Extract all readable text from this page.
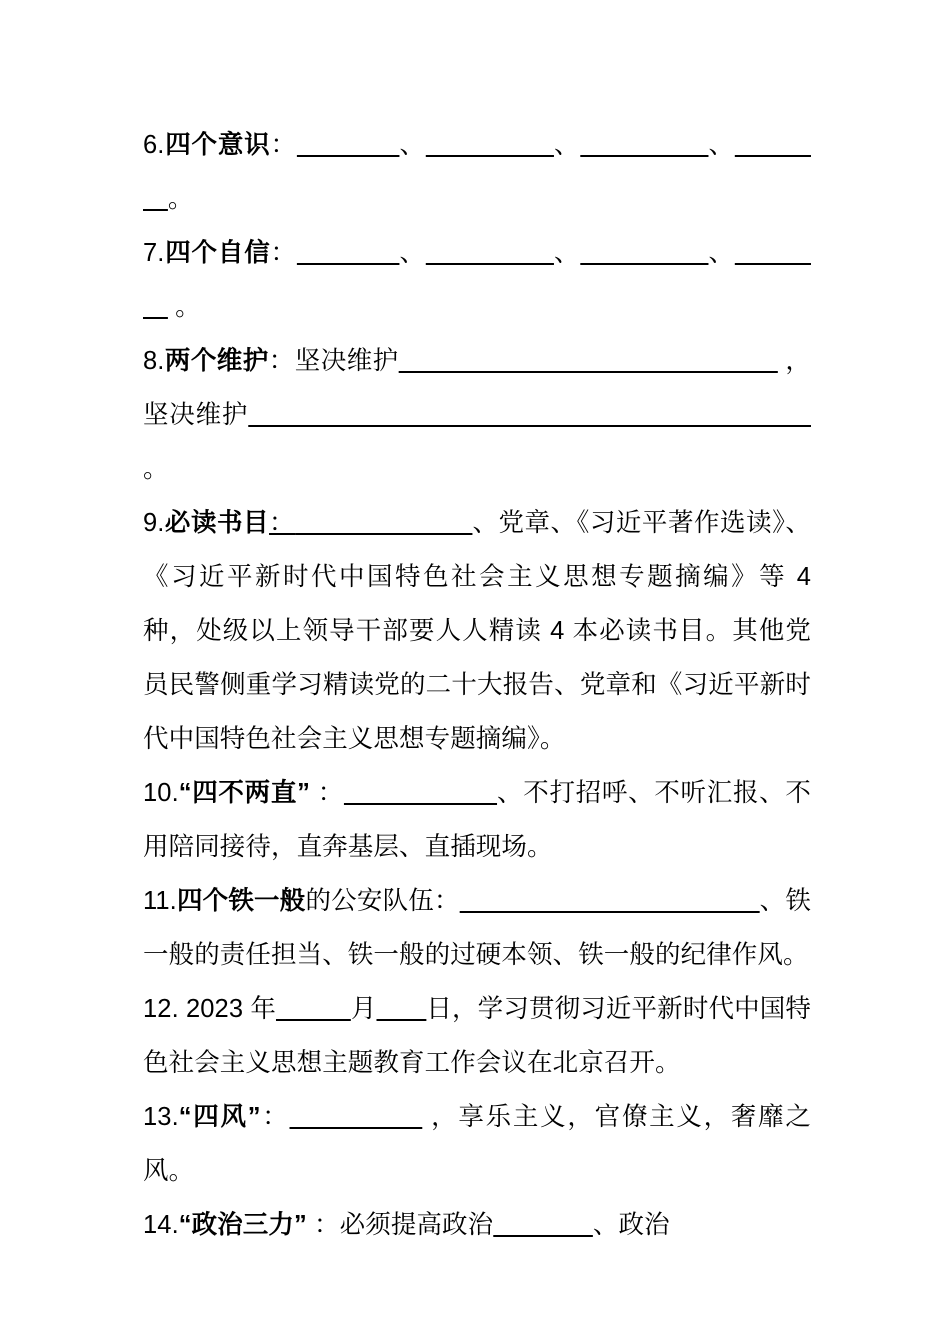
6.四个意识：	、	、	、。

7.四个自信：	、	、	、 。

8.两个维护：坚决维护	，坚决维护 。

9.必读书目：	、党章、《习近平著作选读》、《习近平新时代中国特色社会主义思想专题摘编》等 4 种，处级以上领导干部要人人精读 4 本必读书目。其他党员民警侧重学习精读党的二十大报告、党章和《习近平新时代中国特色社会主义思想专题摘编》。

10.“四不两直” ：	、不打招呼、不听汇报、不用陪同接待，直奔基层、直插现场。

11.四个铁一般的公安队伍：	、铁一般的责任担当、铁一般的过硬本领、铁一般的纪律作风。

12. 2023 年	月 日，学习贯彻习近平新时代中国特色社会主义思想主题教育工作会议在北京召开。

13.“四风”：	，享乐主义，官僚主义，奢靡之风。

14.“政治三力” ：必须提高政治	、政治
